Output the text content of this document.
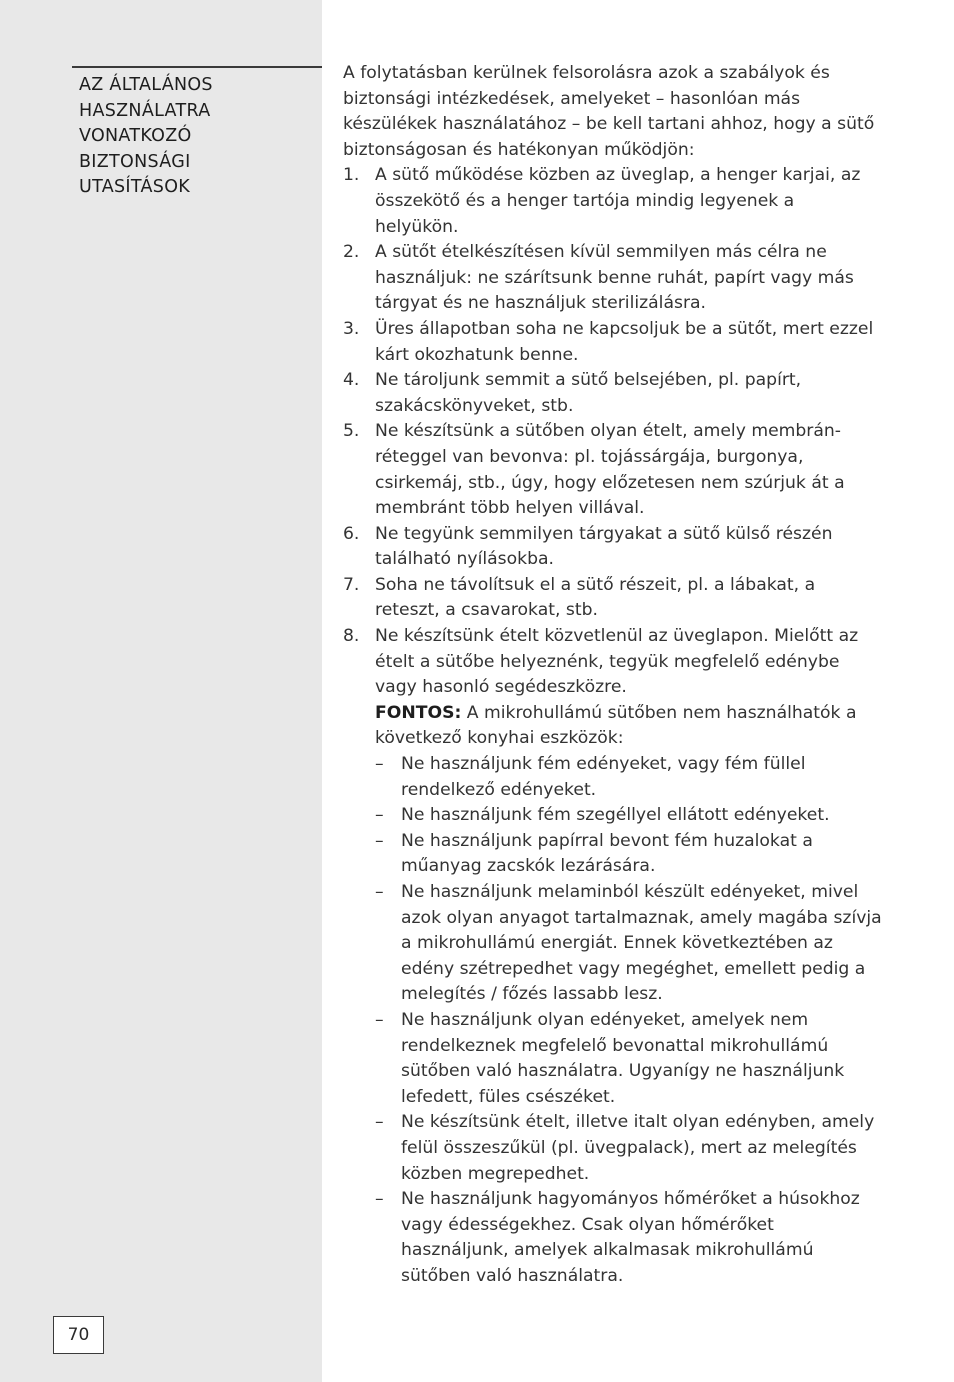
AZ ÁLTALÁNOS
HASZNÁLATRA
VONATKOZÓ
BIZTONSÁGI
UTASÍTÁSOK
70

A folytatásban kerülnek felsorolásra azok a szabályok és biztonsági intézkedések, amelyeket – hasonlóan más készülékek használatához – be kell tartani ahhoz, hogy a sütő biztonságosan és hatékonyan működjön:

1. A sütő működése közben az üveglap, a henger karjai, az összekötő és a henger tartója mindig legyenek a helyükön.
2. A sütőt ételkészítésen kívül semmilyen más célra ne használjuk: ne szárítsunk benne ruhát, papírt vagy más tárgyat és ne használjuk sterilizálásra.
3. Üres állapotban soha ne kapcsoljuk be a sütőt, mert ezzel kárt okozhatunk benne.
4. Ne tároljunk semmit a sütő belsejében, pl. papírt, szakácskönyveket, stb.
5. Ne készítsünk a sütőben olyan ételt, amely membrán-réteggel van bevonva: pl. tojássárgája, burgonya, csirkemáj, stb., úgy, hogy előzetesen nem szúrjuk át a membránt több helyen villával.
6. Ne tegyünk semmilyen tárgyakat a sütő külső részén található nyílásokba.
7. Soha ne távolítsuk el a sütő részeit, pl. a lábakat, a reteszt, a csavarokat, stb.
8. Ne készítsünk ételt közvetlenül az üveglapon. Mielőtt az ételt a sütőbe helyeznénk, tegyük megfelelő edénybe vagy hasonló segédeszközre.
FONTOS: A mikrohullámú sütőben nem használhatók a következő konyhai eszközök:
– Ne használjunk fém edényeket, vagy fém füllel rendelkező edényeket.
– Ne használjunk fém szegéllyel ellátott edényeket.
– Ne használjunk papírral bevont fém huzalokat a műanyag zacskók lezárására.
– Ne használjunk melaminból készült edényeket, mivel azok olyan anyagot tartalmaznak, amely magába szívja a mikrohullámú energiát. Ennek következtében az edény szétrepedhet vagy megéghet, emellett pedig a melegítés / főzés lassabb lesz.
– Ne használjunk olyan edényeket, amelyek nem rendelkeznek megfelelő bevonattal mikrohullámú sütőben való használatra. Ugyanígy ne használjunk lefedett, füles csészéket.
– Ne készítsünk ételt, illetve italt olyan edényben, amely felül összeszűkül (pl. üvegpalack), mert az melegítés közben megrepedhet.
– Ne használjunk hagyományos hőmérőket a húsokhoz vagy édességekhez. Csak olyan hőmérőket használjunk, amelyek alkalmasak mikrohullámú sütőben való használatra.
